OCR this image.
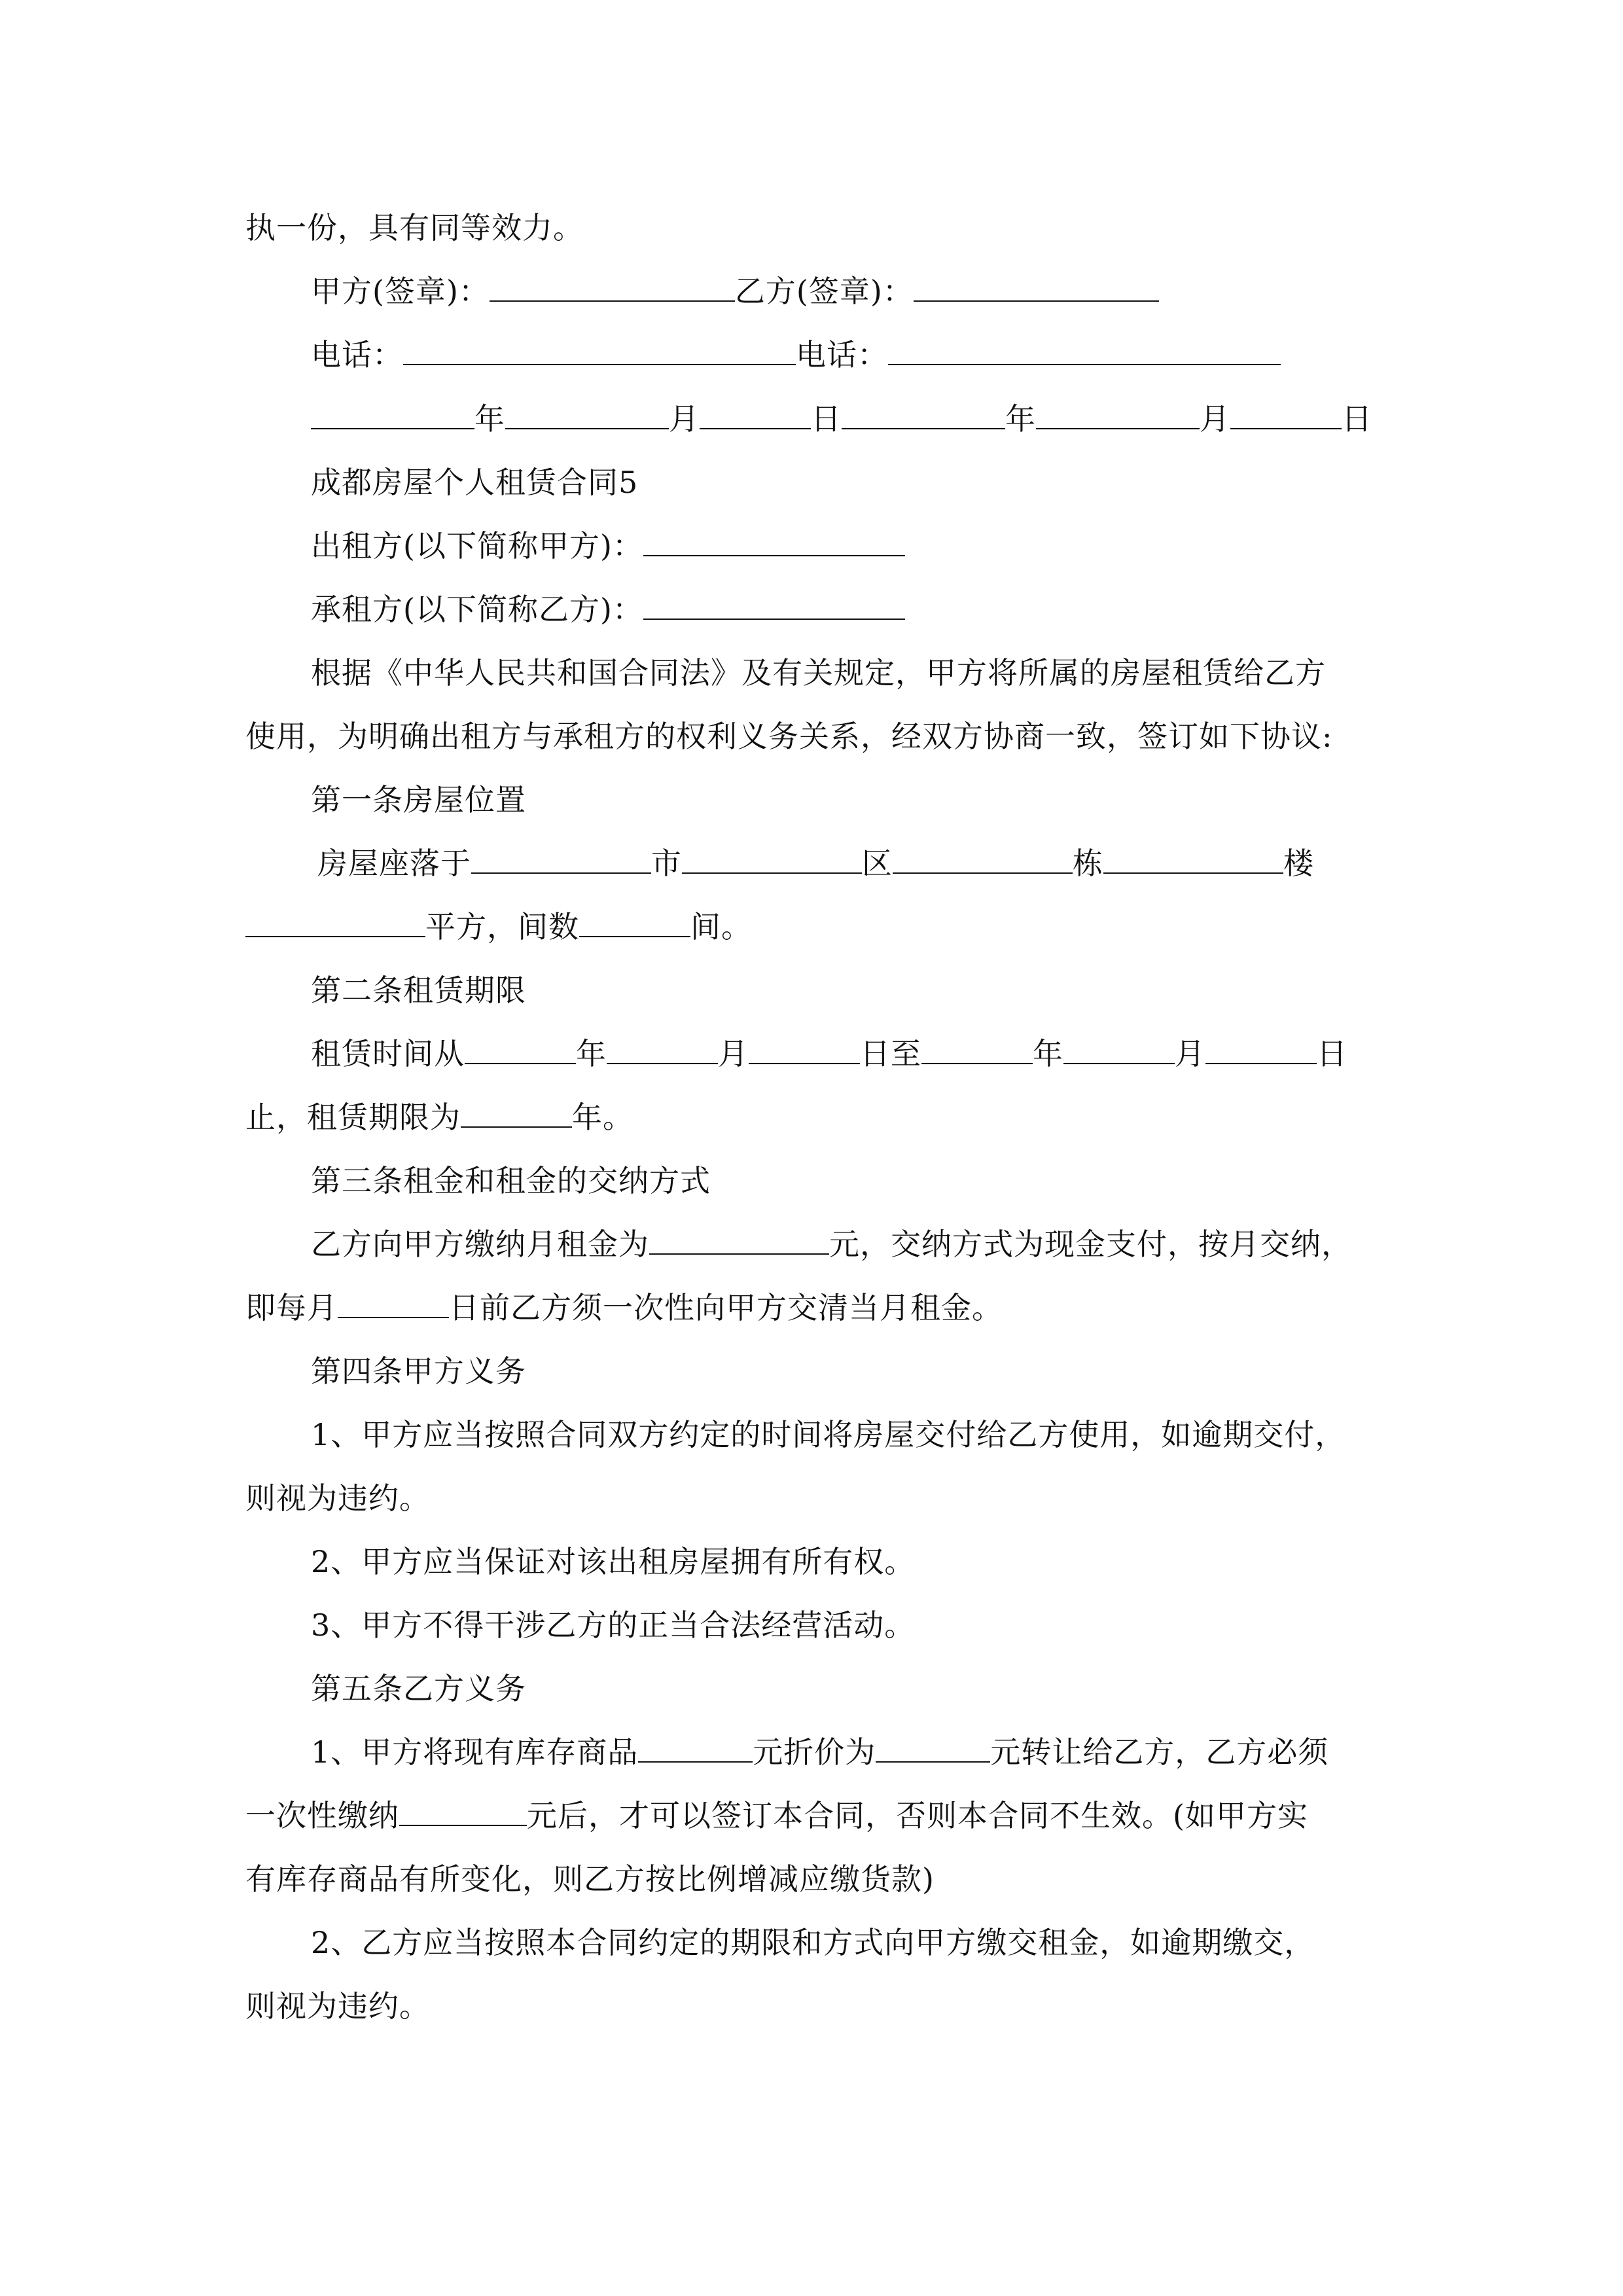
执一份，具有同等效力。
甲方(签章)：	乙方(签章)：
电话：	电话：
年	月	日	年	月	日
成都房屋个人租赁合同5
出租方(以下简称甲方)：
承租方(以下简称乙方)：
根据《中华人民共和国合同法》及有关规定，甲方将所属的房屋租赁给乙方
使用，为明确出租方与承租方的权利义务关系，经双方协商一致，签订如下协议:
第一条房屋位置
房屋座落于	市	区	栋	楼
平方，间数	间。
第二条租赁期限
租赁时间从	年	月	日至	年	月	日
止，租赁期限为	年。
第三条租金和租金的交纳方式
乙方向甲方缴纳月租金为	元，交纳方式为现金支付，按月交纳，
即每月	日前乙方须一次性向甲方交清当月租金。
第四条甲方义务
1、甲方应当按照合同双方约定的时间将房屋交付给乙方使用，如逾期交付，
则视为违约。
2、甲方应当保证对该出租房屋拥有所有权。
3、甲方不得干涉乙方的正当合法经营活动。
第五条乙方义务
1、甲方将现有库存商品	元折价为	元转让给乙方，乙方必须
一次性缴纳	元后，才可以签订本合同，否则本合同不生效。(如甲方实
有库存商品有所变化，则乙方按比例增减应缴货款)
2、乙方应当按照本合同约定的期限和方式向甲方缴交租金，如逾期缴交，
则视为违约。
